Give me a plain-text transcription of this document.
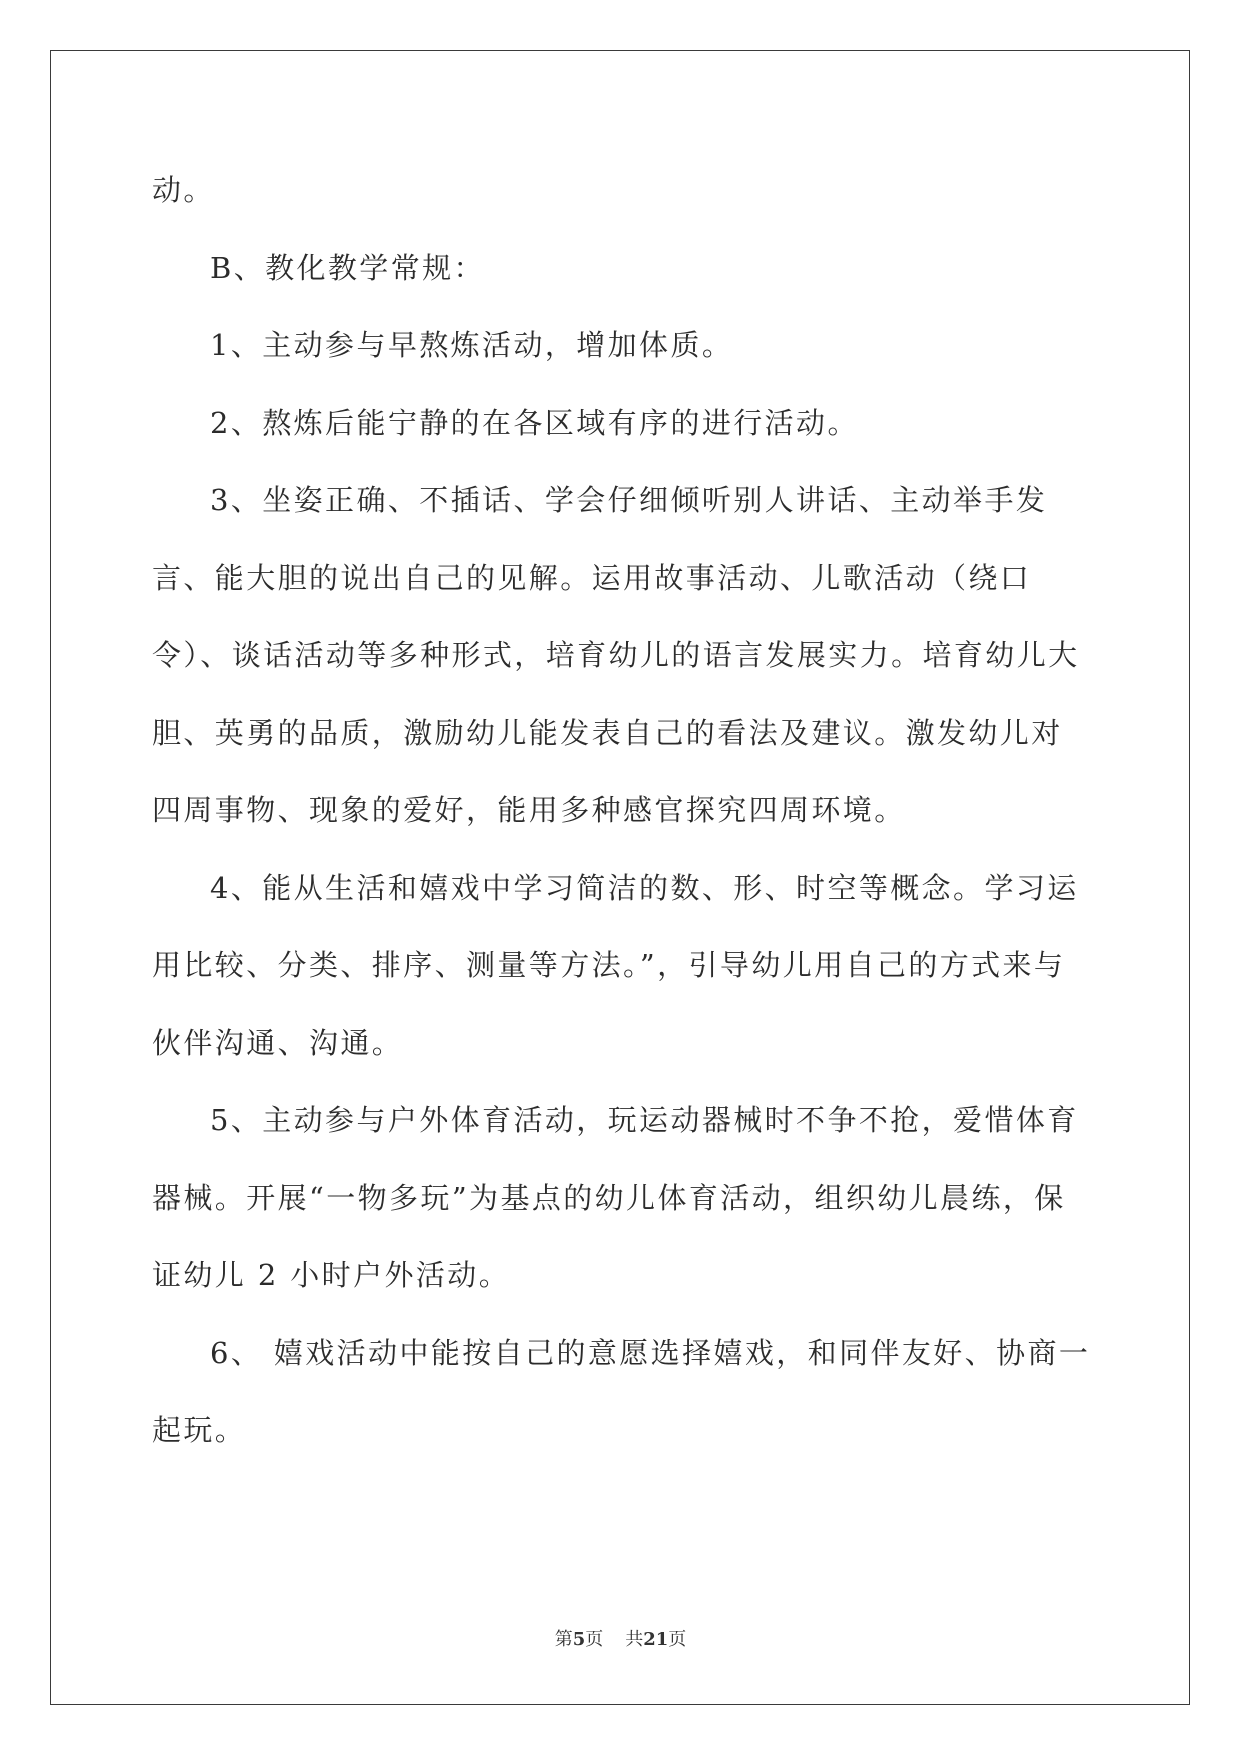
动。

B、教化教学常规：

1、主动参与早熬炼活动，增加体质。

2、熬炼后能宁静的在各区域有序的进行活动。

3、坐姿正确、不插话、学会仔细倾听别人讲话、主动举手发言、能大胆的说出自己的见解。运用故事活动、儿歌活动（绕口令）、谈话活动等多种形式，培育幼儿的语言发展实力。培育幼儿大胆、英勇的品质，激励幼儿能发表自己的看法及建议。激发幼儿对四周事物、现象的爱好，能用多种感官探究四周环境。

4、能从生活和嬉戏中学习简洁的数、形、时空等概念。学习运用比较、分类、排序、测量等方法。”，引导幼儿用自己的方式来与伙伴沟通、沟通。

5、主动参与户外体育活动，玩运动器械时不争不抢，爱惜体育器械。开展“一物多玩”为基点的幼儿体育活动，组织幼儿晨练，保证幼儿 2 小时户外活动。

6、 嬉戏活动中能按自己的意愿选择嬉戏，和同伴友好、协商一起玩。

第5页 共21页
